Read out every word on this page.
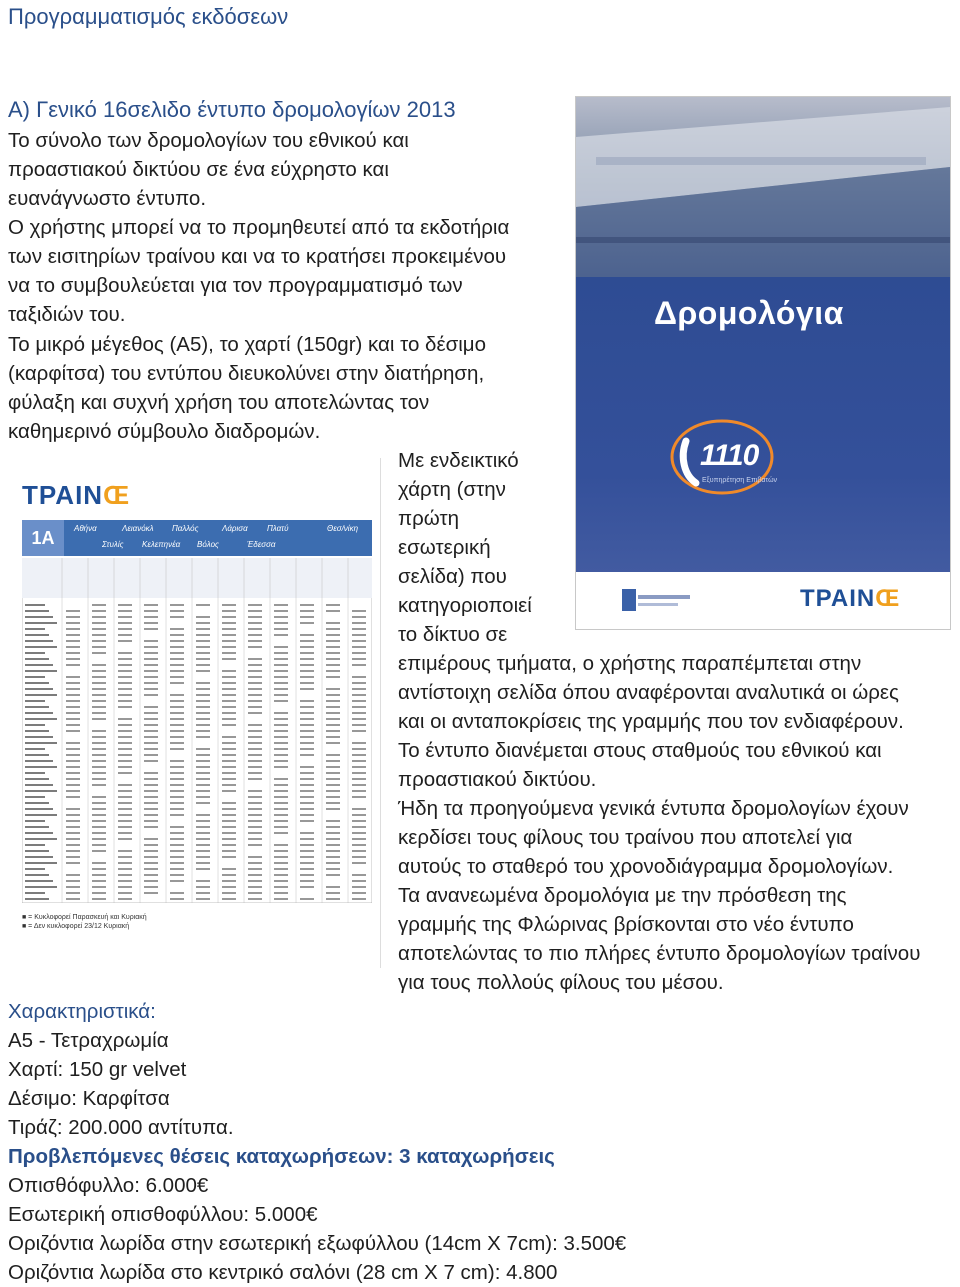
Προγραμματισμός εκδόσεων
Α) Γενικό 16σελιδο έντυπο δρομολογίων 2013
Το σύνολο των δρομολογίων του εθνικού και
προαστιακού δικτύου σε ένα εύχρηστο και
ευανάγνωστο έντυπο.
Ο χρήστης μπορεί να το προμηθευτεί από τα εκδοτήρια
των εισιτηρίων τραίνου και να το κρατήσει προκειμένου
να το συμβουλεύεται για τον προγραμματισμό των
ταξιδιών του.
Το μικρό μέγεθος (Α5), το χαρτί (150gr) και το δέσιμο
(καρφίτσα) του εντύπου διευκολύνει στην διατήρηση,
φύλαξη και συχνή χρήση του αποτελώντας τον
καθημερινό σύμβουλο διαδρομών.
Με ενδεικτικό
χάρτη (στην
πρώτη
εσωτερική
σελίδα) που
κατηγοριοποιεί
το δίκτυο σε
επιμέρους τμήματα, ο χρήστης παραπέμπεται στην
αντίστοιχη σελίδα όπου αναφέρονται αναλυτικά οι ώρες
και οι ανταποκρίσεις της γραμμής που τον ενδιαφέρουν.
Το έντυπο διανέμεται στους σταθμούς του εθνικού και
προαστιακού δικτύου.
Ήδη τα προηγούμενα γενικά έντυπα δρομολογίων έχουν
κερδίσει τους φίλους του τραίνου που αποτελεί για
αυτούς το σταθερό του χρονοδιάγραμμα δρομολογίων.
Τα ανανεωμένα δρομολόγια με την πρόσθεση της
γραμμής της Φλώρινας βρίσκονται στο νέο έντυπο
αποτελώντας το πιο πλήρες έντυπο δρομολογίων τραίνου
για τους πολλούς φίλους του μέσου.
ΤΡΑΙΝŒ
1Α	Αθήνα	Λειανόκλ Παλλός	Λάρισα Πλατύ	Θεσ/νίκη
Στυλίς Κελεπηνέα Βόλος	Έδεσσα
■ = Κυκλοφορεί Παρασκευή και Κυριακή
■ = Δεν κυκλοφορεί 23/12 Κυριακή
Δρομολόγια
1110
Εξυπηρέτηση Επιβατών
ΤΡΑΙΝŒ
Χαρακτηριστικά:
Α5 - Τετραχρωμία
Χαρτί: 150 gr velvet
Δέσιμο: Καρφίτσα
Τιράζ: 200.000 αντίτυπα.
Προβλεπόμενες θέσεις καταχωρήσεων: 3 καταχωρήσεις
Οπισθόφυλλο: 6.000€
Εσωτερική οπισθοφύλλου: 5.000€
Οριζόντια λωρίδα στην εσωτερική εξωφύλλου (14cm X 7cm): 3.500€
Οριζόντια λωρίδα στο κεντρικό σαλόνι (28 cm X 7 cm): 4.800
